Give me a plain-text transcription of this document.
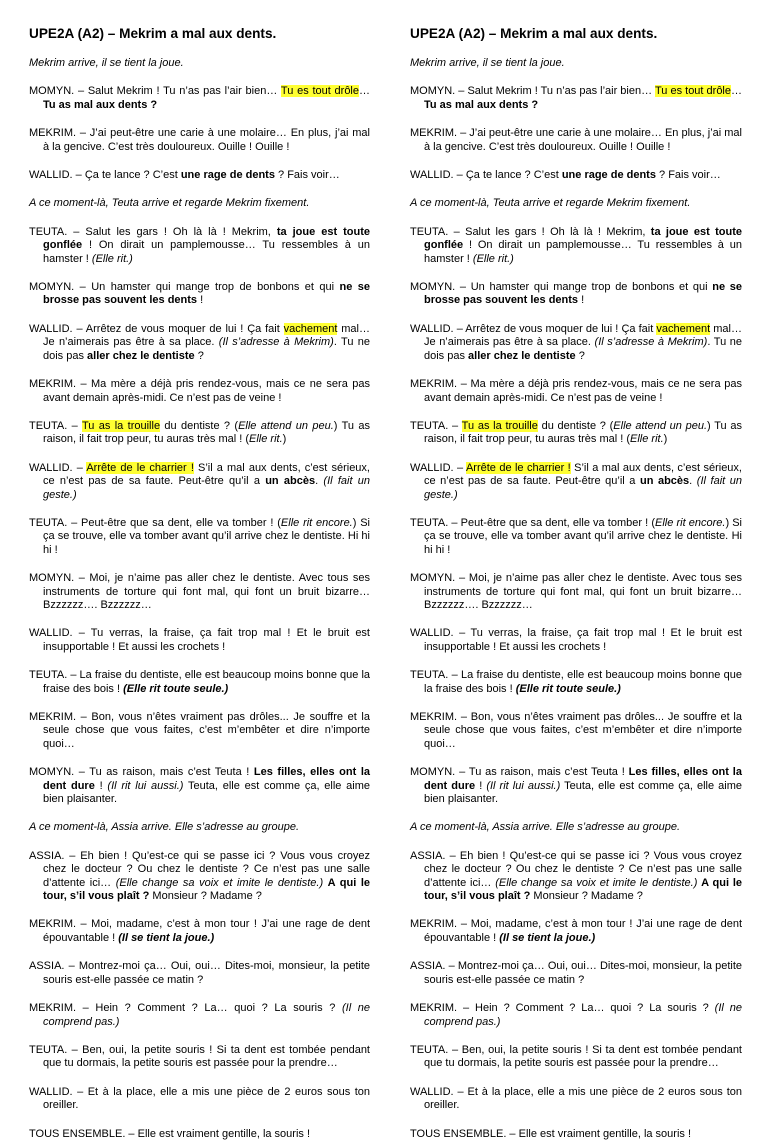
UPE2A (A2) – Mekrim a mal aux dents.
Mekrim arrive, il se tient la joue.
MOMYN. – Salut Mekrim ! Tu n’as pas l’air bien… Tu es tout drôle… Tu as mal aux dents ?
MEKRIM. – J’ai peut-être une carie à une molaire… En plus, j’ai mal à la gencive. C’est très douloureux. Ouille ! Ouille !
WALLID. – Ça te lance ? C’est une rage de dents ? Fais voir…
A ce moment-là, Teuta arrive et regarde Mekrim fixement.
TEUTA. – Salut les gars ! Oh là là ! Mekrim, ta joue est toute gonflée ! On dirait un pamplemousse… Tu ressembles à un hamster ! (Elle rit.)
MOMYN. – Un hamster qui mange trop de bonbons et qui ne se brosse pas souvent les dents !
WALLID. – Arrêtez de vous moquer de lui ! Ça fait vachement mal… Je n’aimerais pas être à sa place. (Il s’adresse à Mekrim). Tu ne dois pas aller chez le dentiste ?
MEKRIM. – Ma mère a déjà pris rendez-vous, mais ce ne sera pas avant demain après-midi. Ce n’est pas de veine !
TEUTA. – Tu as la trouille du dentiste ? (Elle attend un peu.) Tu as raison, il fait trop peur, tu auras très mal ! (Elle rit.)
WALLID. – Arrête de le charrier ! S’il a mal aux dents, c’est sérieux, ce n’est pas de sa faute. Peut-être qu’il a un abcès. (Il fait un geste.)
TEUTA. – Peut-être que sa dent, elle va tomber ! (Elle rit encore.) Si ça se trouve, elle va tomber avant qu’il arrive chez le dentiste. Hi hi hi !
MOMYN. – Moi, je n’aime pas aller chez le dentiste. Avec tous ses instruments de torture qui font mal, qui font un bruit bizarre… Bzzzzzz…. Bzzzzzz…
WALLID. – Tu verras, la fraise, ça fait trop mal ! Et le bruit est insupportable ! Et aussi les crochets !
TEUTA. – La fraise du dentiste, elle est beaucoup moins bonne que la fraise des bois ! (Elle rit toute seule.)
MEKRIM. – Bon, vous n’êtes vraiment pas drôles... Je souffre et la seule chose que vous faites, c’est m’embêter et dire n’importe quoi…
MOMYN. – Tu as raison, mais c’est Teuta ! Les filles, elles ont la dent dure ! (Il rit lui aussi.) Teuta, elle est comme ça, elle aime bien plaisanter.
A ce moment-là, Assia arrive. Elle s’adresse au groupe.
ASSIA. – Eh bien ! Qu’est-ce qui se passe ici ? Vous vous croyez chez le docteur ? Ou chez le dentiste ? Ce n’est pas une salle d’attente ici… (Elle change sa voix et imite le dentiste.) A qui le tour, s’il vous plaît ? Monsieur ? Madame ?
MEKRIM. – Moi, madame, c’est à mon tour ! J’ai une rage de dent épouvantable ! (Il se tient la joue.)
ASSIA. – Montrez-moi ça… Oui, oui… Dites-moi, monsieur, la petite souris est-elle passée ce matin ?
MEKRIM. – Hein ? Comment ? La… quoi ? La souris ? (Il ne comprend pas.)
TEUTA. – Ben, oui, la petite souris ! Si ta dent est tombée pendant que tu dormais, la petite souris est passée pour la prendre…
WALLID. – Et à la place, elle a mis une pièce de 2 euros sous ton oreiller.
TOUS ENSEMBLE. – Elle est vraiment gentille, la souris !
UPE2A (A2) – Mekrim a mal aux dents.
Mekrim arrive, il se tient la joue.
MOMYN. – Salut Mekrim ! Tu n’as pas l’air bien… Tu es tout drôle… Tu as mal aux dents ?
MEKRIM. – J’ai peut-être une carie à une molaire… En plus, j’ai mal à la gencive. C’est très douloureux. Ouille ! Ouille !
WALLID. – Ça te lance ? C’est une rage de dents ? Fais voir…
A ce moment-là, Teuta arrive et regarde Mekrim fixement.
TEUTA. – Salut les gars ! Oh là là ! Mekrim, ta joue est toute gonflée ! On dirait un pamplemousse… Tu ressembles à un hamster ! (Elle rit.)
MOMYN. – Un hamster qui mange trop de bonbons et qui ne se brosse pas souvent les dents !
WALLID. – Arrêtez de vous moquer de lui ! Ça fait vachement mal… Je n’aimerais pas être à sa place. (Il s’adresse à Mekrim). Tu ne dois pas aller chez le dentiste ?
MEKRIM. – Ma mère a déjà pris rendez-vous, mais ce ne sera pas avant demain après-midi. Ce n’est pas de veine !
TEUTA. – Tu as la trouille du dentiste ? (Elle attend un peu.) Tu as raison, il fait trop peur, tu auras très mal ! (Elle rit.)
WALLID. – Arrête de le charrier ! S’il a mal aux dents, c’est sérieux, ce n’est pas de sa faute. Peut-être qu’il a un abcès. (Il fait un geste.)
TEUTA. – Peut-être que sa dent, elle va tomber ! (Elle rit encore.) Si ça se trouve, elle va tomber avant qu’il arrive chez le dentiste. Hi hi hi !
MOMYN. – Moi, je n’aime pas aller chez le dentiste. Avec tous ses instruments de torture qui font mal, qui font un bruit bizarre… Bzzzzzz…. Bzzzzzz…
WALLID. – Tu verras, la fraise, ça fait trop mal ! Et le bruit est insupportable ! Et aussi les crochets !
TEUTA. – La fraise du dentiste, elle est beaucoup moins bonne que la fraise des bois ! (Elle rit toute seule.)
MEKRIM. – Bon, vous n’êtes vraiment pas drôles... Je souffre et la seule chose que vous faites, c’est m’embêter et dire n’importe quoi…
MOMYN. – Tu as raison, mais c’est Teuta ! Les filles, elles ont la dent dure ! (Il rit lui aussi.) Teuta, elle est comme ça, elle aime bien plaisanter.
A ce moment-là, Assia arrive. Elle s’adresse au groupe.
ASSIA. – Eh bien ! Qu’est-ce qui se passe ici ? Vous vous croyez chez le docteur ? Ou chez le dentiste ? Ce n’est pas une salle d’attente ici… (Elle change sa voix et imite le dentiste.) A qui le tour, s’il vous plaît ? Monsieur ? Madame ?
MEKRIM. – Moi, madame, c’est à mon tour ! J’ai une rage de dent épouvantable ! (Il se tient la joue.)
ASSIA. – Montrez-moi ça… Oui, oui… Dites-moi, monsieur, la petite souris est-elle passée ce matin ?
MEKRIM. – Hein ? Comment ? La… quoi ? La souris ? (Il ne comprend pas.)
TEUTA. – Ben, oui, la petite souris ! Si ta dent est tombée pendant que tu dormais, la petite souris est passée pour la prendre…
WALLID. – Et à la place, elle a mis une pièce de 2 euros sous ton oreiller.
TOUS ENSEMBLE. – Elle est vraiment gentille, la souris !
